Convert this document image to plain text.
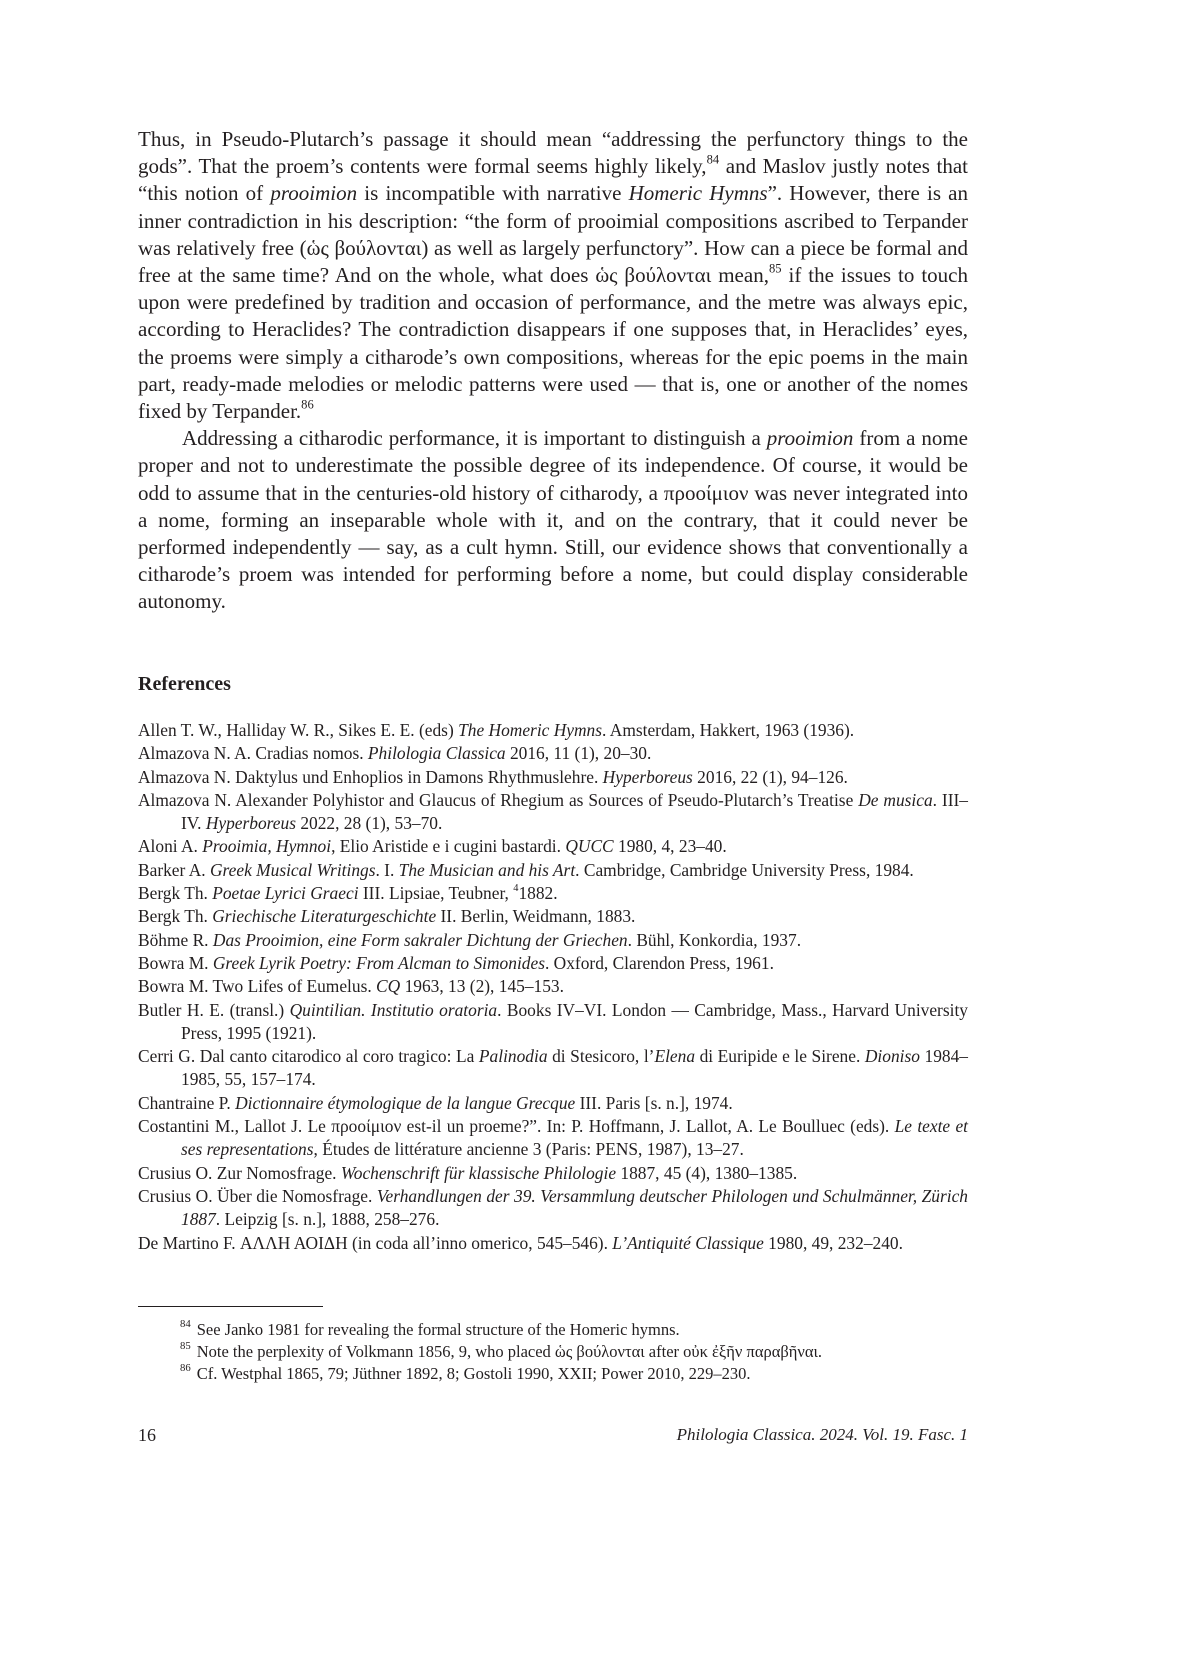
Thus, in Pseudo-Plutarch’s passage it should mean “addressing the perfunctory things to the gods”. That the proem’s contents were formal seems highly likely,$^{84}$ and Maslov justly notes that “this notion of prooimion is incompatible with narrative Homeric Hymns”. However, there is an inner contradiction in his description: “the form of prooimial compositions ascribed to Terpander was relatively free (ὡς βούλονται) as well as largely perfunctory”. How can a piece be formal and free at the same time? And on the whole, what does ὡς βούλονται mean,$^{85}$ if the issues to touch upon were predefined by tradition and occasion of performance, and the metre was always epic, according to Heraclides? The contradiction disappears if one supposes that, in Heraclides’ eyes, the proems were simply a citharode’s own compositions, whereas for the epic poems in the main part, ready-made melodies or melodic patterns were used — that is, one or another of the nomes fixed by Terpander.$^{86}$

Addressing a citharodic performance, it is important to distinguish a prooimion from a nome proper and not to underestimate the possible degree of its independence. Of course, it would be odd to assume that in the centuries-old history of citharody, a προοίμιον was never integrated into a nome, forming an inseparable whole with it, and on the contrary, that it could never be performed independently — say, as a cult hymn. Still, our evidence shows that conventionally a citharode’s proem was intended for performing before a nome, but could display considerable autonomy.

References
Allen T. W., Halliday W. R., Sikes E. E. (eds) The Homeric Hymns. Amsterdam, Hakkert, 1963 (1936).
Almazova N. A. Cradias nomos. Philologia Classica 2016, 11 (1), 20–30.
Almazova N. Daktylus und Enhoplios in Damons Rhythmuslehre. Hyperboreus 2016, 22 (1), 94–126.
Almazova N. Alexander Polyhistor and Glaucus of Rhegium as Sources of Pseudo-Plutarch’s Treatise De musica. III–IV. Hyperboreus 2022, 28 (1), 53–70.
Aloni A. Prooimia, Hymnoi, Elio Aristide e i cugini bastardi. QUCC 1980, 4, 23–40.
Barker A. Greek Musical Writings. I. The Musician and his Art. Cambridge, Cambridge University Press, 1984.
Bergk Th. Poetae Lyrici Graeci III. Lipsiae, Teubner, $^4$1882.
Bergk Th. Griechische Literaturgeschichte II. Berlin, Weidmann, 1883.
Böhme R. Das Prooimion, eine Form sakraler Dichtung der Griechen. Bühl, Konkordia, 1937.
Bowra M. Greek Lyrik Poetry: From Alcman to Simonides. Oxford, Clarendon Press, 1961.
Bowra M. Two Lifes of Eumelus. CQ 1963, 13 (2), 145–153.
Butler H. E. (transl.) Quintilian. Institutio oratoria. Books IV–VI. London — Cambridge, Mass., Harvard University Press, 1995 (1921).
Cerri G. Dal canto citarodico al coro tragico: La Palinodia di Stesicoro, l’Elena di Euripide e le Sirene. Dioniso 1984–1985, 55, 157–174.
Chantraine P. Dictionnaire étymologique de la langue Grecque III. Paris [s. n.], 1974.
Costantini M., Lallot J. Le προοίμιον est-il un proeme?”. In: P. Hoffmann, J. Lallot, A. Le Boulluec (eds). Le texte et ses representations, Études de littérature ancienne 3 (Paris: PENS, 1987), 13–27.
Crusius O. Zur Nomosfrage. Wochenschrift für klassische Philologie 1887, 45 (4), 1380–1385.
Crusius O. Über die Nomosfrage. Verhandlungen der 39. Versammlung deutscher Philologen und Schulmänner, Zürich 1887. Leipzig [s. n.], 1888, 258–276.
De Martino F. ΑΛΛΗ ΑΟΙΔΗ (in coda all’inno omerico, 545–546). L’Antiquité Classique 1980, 49, 232–240.
$^{84}$ See Janko 1981 for revealing the formal structure of the Homeric hymns.
$^{85}$ Note the perplexity of Volkmann 1856, 9, who placed ὡς βούλονται after οὐκ ἐξῆν παραβῆναι.
$^{86}$ Cf. Westphal 1865, 79; Jüthner 1892, 8; Gostoli 1990, XXII; Power 2010, 229–230.
16	Philologia Classica. 2024. Vol. 19. Fasc. 1
